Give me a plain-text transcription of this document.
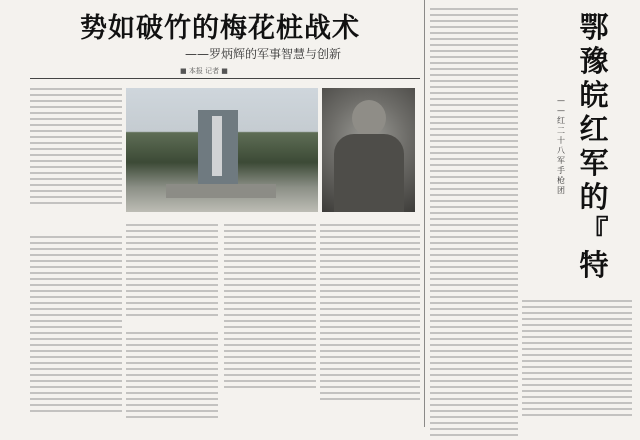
势如破竹的梅花桩战术
——罗炳辉的军事智慧与创新
■ 本报 记者 ■
鄂
豫
皖
红
军
的
『
特
—
—
红
二
十
八
军
手
枪
团
